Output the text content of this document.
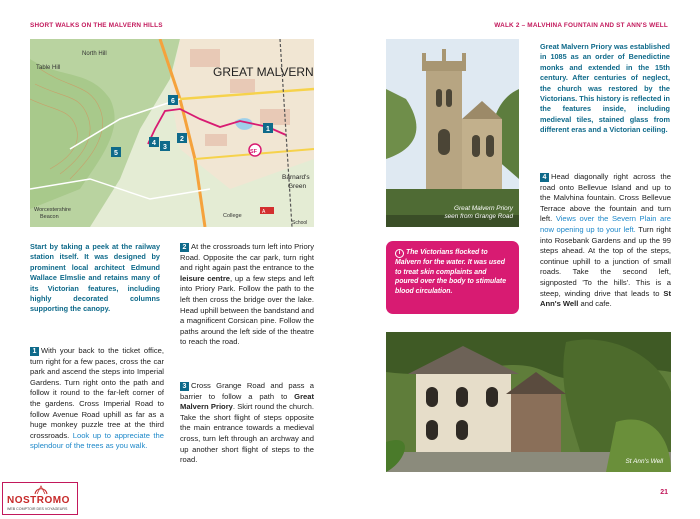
SHORT WALKS ON THE MALVERN HILLS	WALK 2 – MALVHINA FOUNTAIN AND ST ANN'S WELL
GREAT MALVERN
North Hill
Table Hill
Barnard's
Green
Worcestershire
Beacon	College
School
A
1
2
3
4
5
6
SF
Start by taking a peek at the railway station itself. It was designed by prominent local architect Edmund Wallace Elmslie and retains many of its Victorian features, including highly decorated columns supporting the canopy.
1 With your back to the ticket office, turn right for a few paces, cross the car park and ascend the steps into Imperial Gardens. Turn right onto the path and follow it round to the far-left corner of the gardens. Cross Imperial Road to follow Avenue Road uphill as far as a huge monkey puzzle tree at the third crossroads. Look up to appreciate the splendour of the trees as you walk.
2 At the crossroads turn left into Priory Road. Opposite the car park, turn right and right again past the entrance to the leisure centre, up a few steps and left into Priory Park. Follow the path to the left then cross the bridge over the lake. Head uphill between the bandstand and a magnificent Corsican pine. Follow the paths around the left side of the theatre to reach the road.
3 Cross Grange Road and pass a barrier to follow a path to Great Malvern Priory. Skirt round the church. Take the short flight of steps opposite the main entrance towards a medieval cross, turn left through an archway and up another short flight of steps to the road.
Great Malvern Priory
seen from Grange Road
Great Malvern Priory was established in 1085 as an order of Benedictine monks and extended in the 15th century. After centuries of neglect, the church was restored by the Victorians. This history is reflected in the features inside, including medieval tiles, stained glass from different eras and a Victorian ceiling.
i The Victorians flocked to Malvern for the water. It was used to treat skin complaints and poured over the body to stimulate blood circulation.
4 Head diagonally right across the road onto Bellevue Island and up to the Malvhina fountain. Cross Bellevue Terrace above the fountain and turn left. Views over the Severn Plain are now opening up to your left. Turn right into Rosebank Gardens and up the 99 steps ahead. At the top of the steps, continue uphill to a junction of small roads. Take the second left, signposted 'To the hills'. This is a steep, winding drive that leads to St Ann's Well and cafe.
St Ann's Well
21
NOSTROMO
WEB COMPTOIR DES VOYAGEURS
